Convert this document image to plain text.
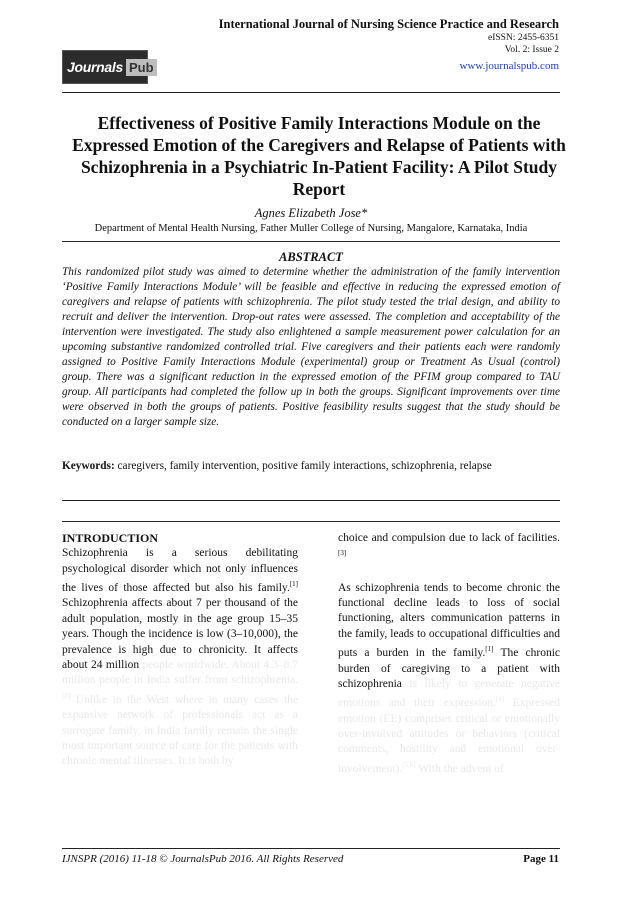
Journals Pub
International Journal of Nursing Science Practice and Research
eISSN: 2455-6351
Vol. 2: Issue 2
www.journalspub.com
Effectiveness of Positive Family Interactions Module on the Expressed Emotion of the Caregivers and Relapse of Patients with Schizophrenia in a Psychiatric In-Patient Facility: A Pilot Study Report
Agnes Elizabeth Jose*
Department of Mental Health Nursing, Father Muller College of Nursing, Mangalore, Karnataka, India
ABSTRACT
This randomized pilot study was aimed to determine whether the administration of the family intervention ‘Positive Family Interactions Module’ will be feasible and effective in reducing the expressed emotion of caregivers and relapse of patients with schizophrenia. The pilot study tested the trial design, and ability to recruit and deliver the intervention. Drop-out rates were assessed. The completion and acceptability of the intervention were investigated. The study also enlightened a sample measurement power calculation for an upcoming substantive randomized controlled trial. Five caregivers and their patients each were randomly assigned to Positive Family Interactions Module (experimental) group or Treatment As Usual (control) group. There was a significant reduction in the expressed emotion of the PFIM group compared to TAU group. All participants had completed the follow up in both the groups. Significant improvements over time were observed in both the groups of patients. Positive feasibility results suggest that the study should be conducted on a larger sample size.
Keywords: caregivers, family intervention, positive family interactions, schizophrenia, relapse
INTRODUCTION

Schizophrenia is a serious debilitating psychological disorder which not only influences the lives of those affected but also his family.[1] Schizophrenia affects about 7 per thousand of the adult population, mostly in the age group 15–35 years. Though the incidence is low (3–10,000), the prevalence is high due to chronicity. It affects about 24 million people worldwide. About 4.3–8.7 million people in India suffer from schizophrenia.[2] Unlike in the West where in many cases the expansive network of professionals act as a surrogate family, in India family remain the single most important source of care for the patients with chronic mental illnesses. It is both by

choice and compulsion due to lack of facilities.[3]

As schizophrenia tends to become chronic the functional decline leads to loss of social functioning, alters communication patterns in the family, leads to occupational difficulties and puts a burden in the family.[1] The chronic burden of caregiving to a patient with schizophrenia is likely to generate negative emotions and their expression.[4] Expressed emotion (EE) comprises critical or emotionally over-involved attitudes or behaviors (critical comments, hostility and emotional over-involvement).[5,6] With the advent of

IJNSPR (2016) 11-18 © JournalsPub 2016. All Rights Reserved	Page 11
